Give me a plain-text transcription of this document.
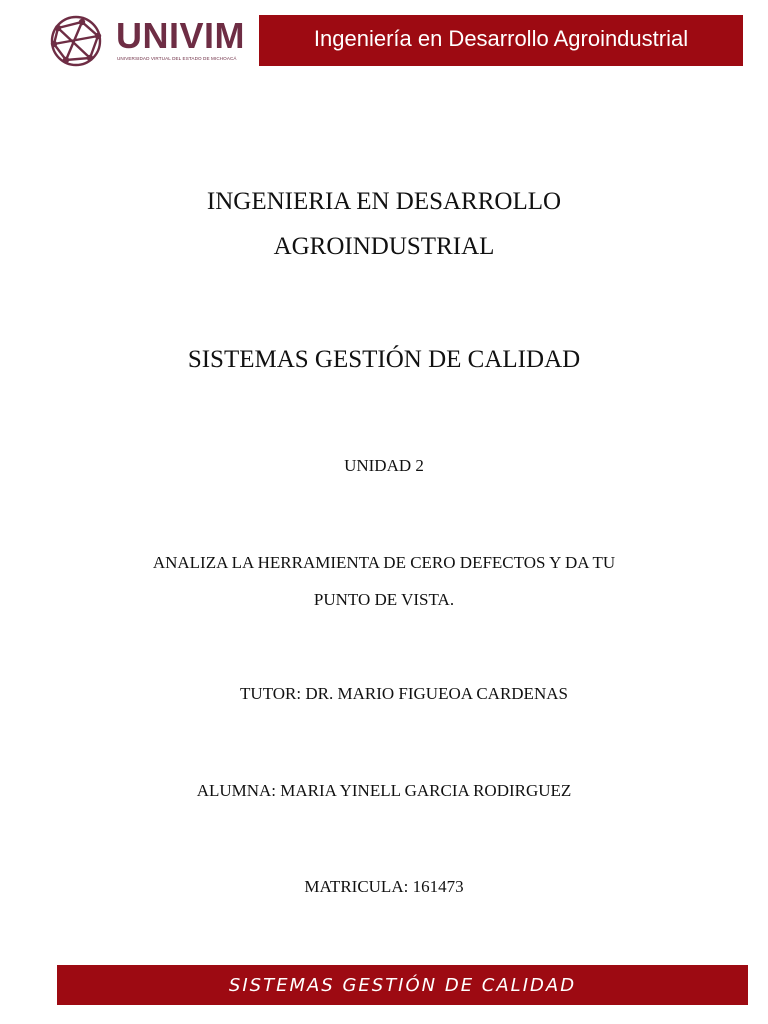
UNIVIM
UNIVERSIDAD VIRTUAL DEL ESTADO DE MICHOACÁ
Ingeniería en Desarrollo Agroindustrial
INGENIERIA EN DESARROLLO
AGROINDUSTRIAL
SISTEMAS GESTIÓN DE CALIDAD
UNIDAD 2
ANALIZA LA HERRAMIENTA DE CERO DEFECTOS Y DA TU
PUNTO DE VISTA.
TUTOR: DR. MARIO FIGUEOA CARDENAS
ALUMNA: MARIA YINELL GARCIA RODIRGUEZ
MATRICULA: 161473
SISTEMAS GESTIÓN DE CALIDAD
